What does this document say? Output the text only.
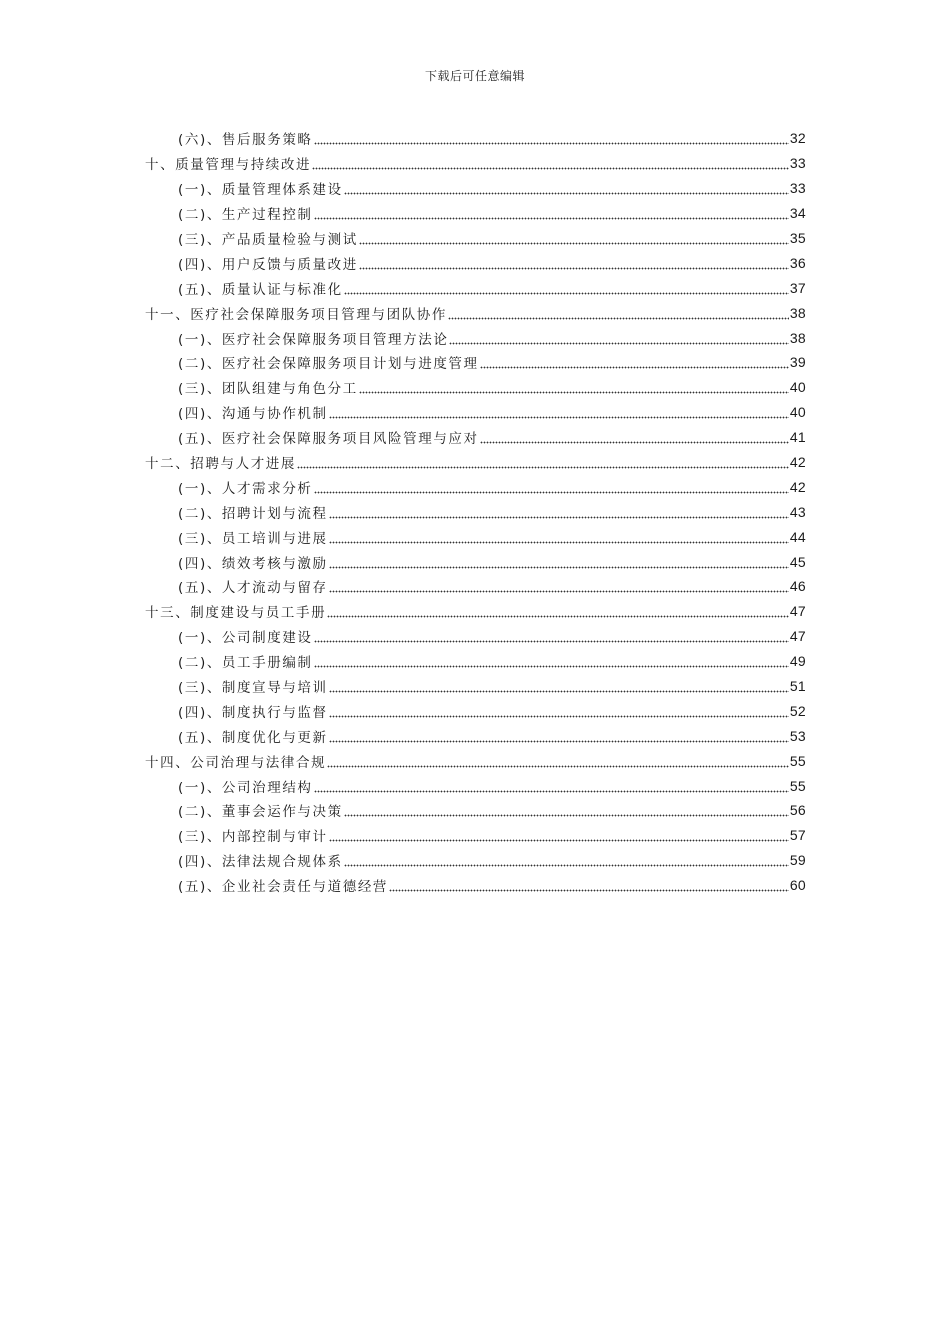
下载后可任意编辑
(六)、售后服务策略	32
十、质量管理与持续改进	33
(一)、质量管理体系建设	33
(二)、生产过程控制	34
(三)、产品质量检验与测试	35
(四)、用户反馈与质量改进	36
(五)、质量认证与标准化	37
十一、医疗社会保障服务项目管理与团队协作	38
(一)、医疗社会保障服务项目管理方法论	38
(二)、医疗社会保障服务项目计划与进度管理	39
(三)、团队组建与角色分工	40
(四)、沟通与协作机制	40
(五)、医疗社会保障服务项目风险管理与应对	41
十二、招聘与人才进展	42
(一)、人才需求分析	42
(二)、招聘计划与流程	43
(三)、员工培训与进展	44
(四)、绩效考核与激励	45
(五)、人才流动与留存	46
十三、制度建设与员工手册	47
(一)、公司制度建设	47
(二)、员工手册编制	49
(三)、制度宣导与培训	51
(四)、制度执行与监督	52
(五)、制度优化与更新	53
十四、公司治理与法律合规	55
(一)、公司治理结构	55
(二)、董事会运作与决策	56
(三)、内部控制与审计	57
(四)、法律法规合规体系	59
(五)、企业社会责任与道德经营	60
